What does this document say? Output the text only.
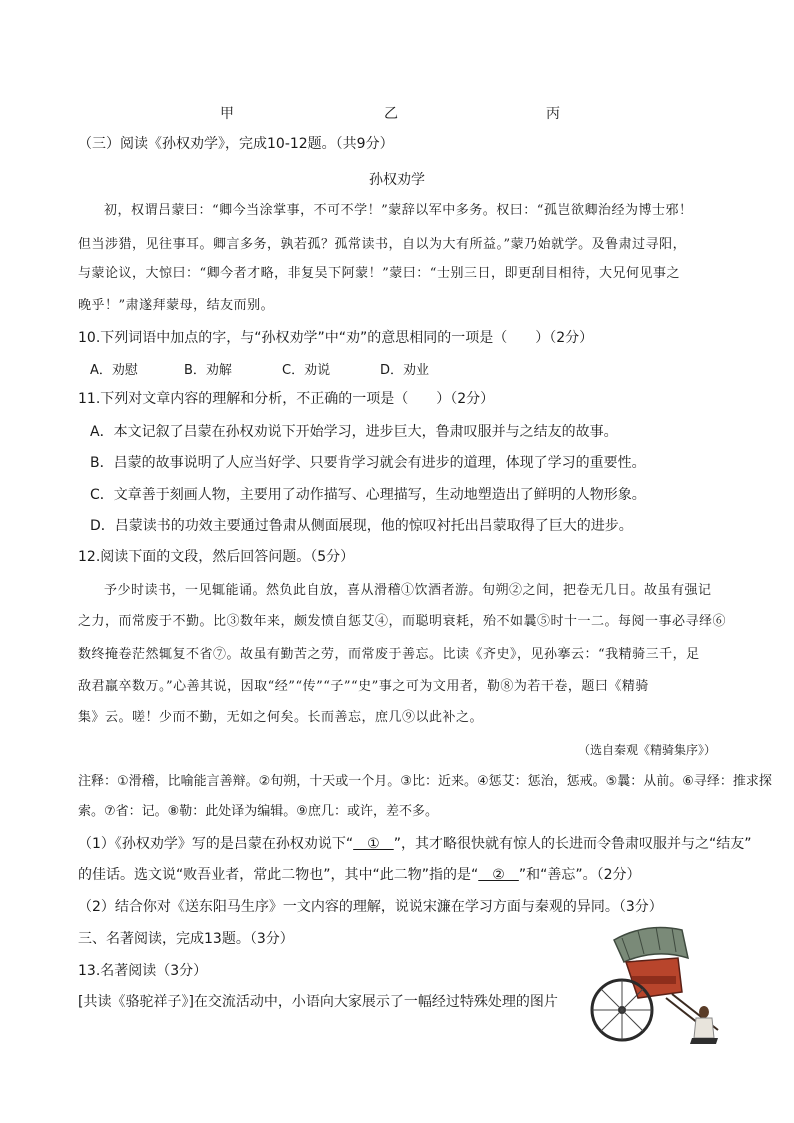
甲	乙	丙
（三）阅读《孙权劝学》，完成10-12题。（共9分）
孙权劝学
初，权谓吕蒙曰：“卿今当涂掌事，不可不学！”蒙辞以军中多务。权曰：“孤岂欲卿治经为博士邪！
但当涉猎，见往事耳。卿言多务，孰若孤？孤常读书，自以为大有所益。”蒙乃始就学。及鲁肃过寻阳，
与蒙论议，大惊曰：“卿今者才略，非复吴下阿蒙！”蒙曰：“士别三日，即更刮目相待，大兄何见事之
晚乎！”肃遂拜蒙母，结友而别。
10.下列词语中加点的字，与“孙权劝学”中“劝”的意思相同的一项是（　　）（2分）
A．劝慰	B．劝解	C．劝说	D．劝业
11.下列对文章内容的理解和分析，不正确的一项是（　　）（2分）
A．本文记叙了吕蒙在孙权劝说下开始学习，进步巨大，鲁肃叹服并与之结友的故事。
B．吕蒙的故事说明了人应当好学、只要肯学习就会有进步的道理，体现了学习的重要性。
C．文章善于刻画人物，主要用了动作描写、心理描写，生动地塑造出了鲜明的人物形象。
D．吕蒙读书的功效主要通过鲁肃从侧面展现，他的惊叹衬托出吕蒙取得了巨大的进步。
12.阅读下面的文段，然后回答问题。（5分）
予少时读书，一见辄能诵。然负此自放，喜从滑稽①饮酒者游。旬朔②之间，把卷无几日。故虽有强记
之力，而常废于不勤。比③数年来，颇发愤自惩艾④，而聪明衰耗，殆不如曩⑤时十一二。每阅一事必寻绎⑥
数终掩卷茫然辄复不省⑦。故虽有勤苦之劳，而常废于善忘。比读《齐史》，见孙搴云：“我精骑三千，足
敌君羸卒数万。”心善其说，因取“经”“传”“子”“史”事之可为文用者，勒⑧为若干卷，题曰《精骑
集》云。嗟！少而不勤，无如之何矣。长而善忘，庶几⑨以此补之。
（选自秦观《精骑集序》）
注释：①滑稽，比喻能言善辩。②旬朔，十天或一个月。③比：近来。④惩艾：惩治，惩戒。⑤曩：从前。⑥寻绎：推求探
索。⑦省：记。⑧勒：此处译为编辑。⑨庶几：或许，差不多。
（1）《孙权劝学》写的是吕蒙在孙权劝说下“　①　”，其才略很快就有惊人的长进而令鲁肃叹服并与之“结友”
的佳话。选文说“败吾业者，常此二物也”，其中“此二物”指的是“　②　”和“善忘”。（2分）
（2）结合你对《送东阳马生序》一文内容的理解，说说宋濂在学习方面与秦观的异同。（3分）
三、名著阅读，完成13题。（3分）
13.名著阅读（3分）
[共读《骆驼祥子》]在交流活动中，小语向大家展示了一幅经过特殊处理的图片
